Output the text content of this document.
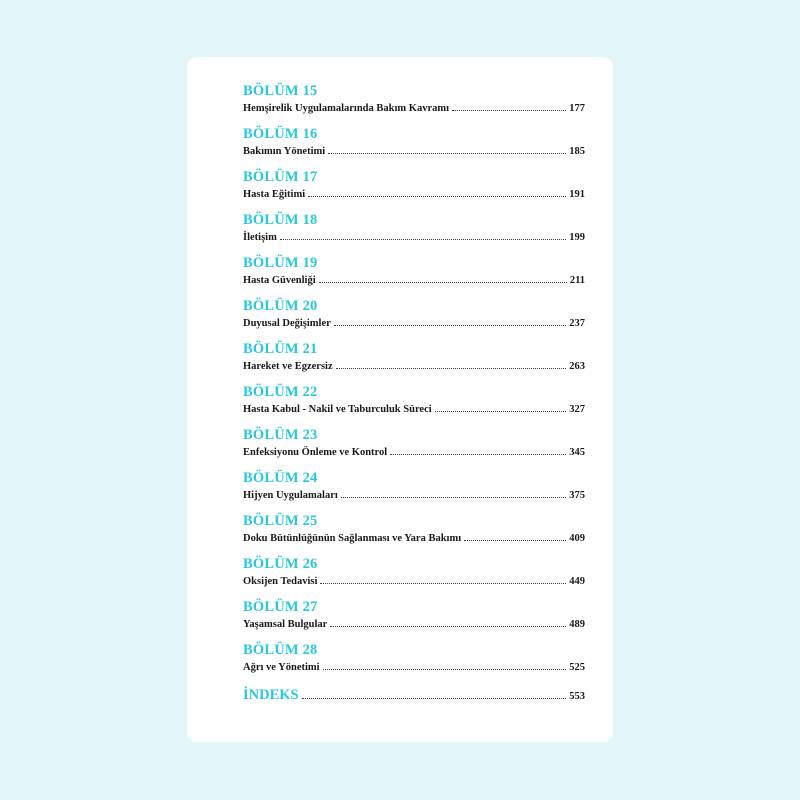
BÖLÜM 15
Hemşirelik Uygulamalarında Bakım Kavramı	177
BÖLÜM 16
Bakımın Yönetimi	185
BÖLÜM 17
Hasta Eğitimi	191
BÖLÜM 18
İletişim	199
BÖLÜM 19
Hasta Güvenliği	211
BÖLÜM 20
Duyusal Değişimler	237
BÖLÜM 21
Hareket ve Egzersiz	263
BÖLÜM 22
Hasta Kabul - Nakil ve Taburculuk Süreci	327
BÖLÜM 23
Enfeksiyonu Önleme ve Kontrol	345
BÖLÜM 24
Hijyen Uygulamaları	375
BÖLÜM 25
Doku Bütünlüğünün Sağlanması ve Yara Bakımı	409
BÖLÜM 26
Oksijen Tedavisi	449
BÖLÜM 27
Yaşamsal Bulgular	489
BÖLÜM 28
Ağrı ve Yönetimi	525
İNDEKS	553
